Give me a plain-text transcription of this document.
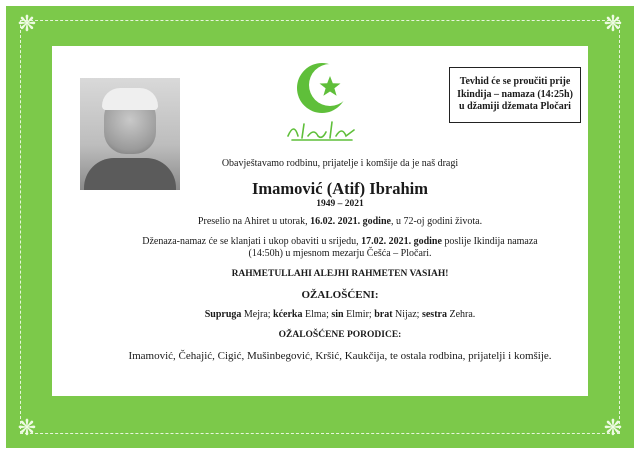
❋	❋
❋	❋
Tevhid će se proučiti prije
Ikindija – namaza (14:25h)
u džamiji džemata Pločari
Obavještavamo rodbinu, prijatelje i komšije da je naš dragi
Imamović (Atif) Ibrahim
1949 – 2021
Preselio na Ahiret u utorak, 16.02. 2021. godine, u 72-oj godini života.
Dženaza-namaz će se klanjati i ukop obaviti u srijedu, 17.02. 2021. godine poslije Ikindija namaza
(14:50h) u mjesnom mezarju Češća – Pločari.
RAHMETULLAHI ALEJHI RAHMETEN VASIAH!
OŽALOŠĆENI:
Supruga Mejra; kćerka Elma; sin Elmir; brat Nijaz; sestra Zehra.
OŽALOŠĆENE PORODICE:
Imamović, Čehajić, Cigić, Mušinbegović, Kršić, Kaukčija, te ostala rodbina, prijatelji i komšije.
